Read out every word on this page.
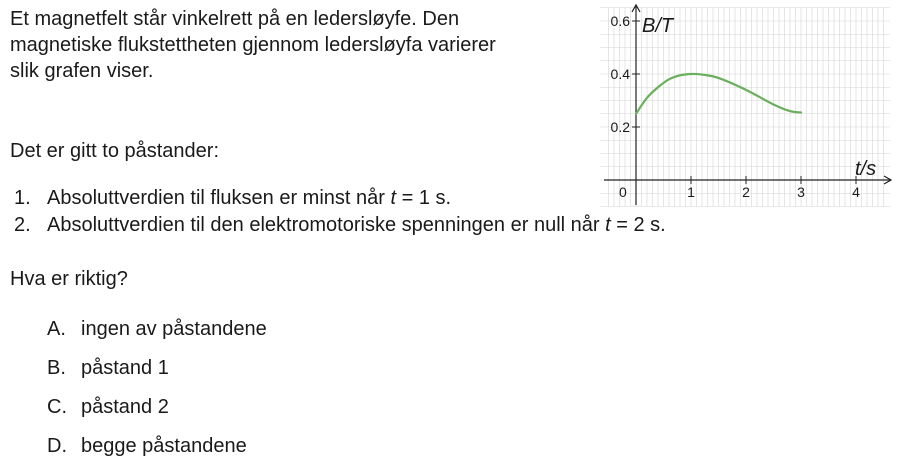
Et magnetfelt står vinkelrett på en ledersløyfe. Den
magnetiske flukstettheten gjennom ledersløyfa varierer
slik grafen viser.

Det er gitt to påstander:

1. Absoluttverdien til fluksen er minst når t = 1 s.

2. Absoluttverdien til den elektromotoriske spenningen er null når t = 2 s.

Hva er riktig?

A. ingen av påstandene
B. påstand 1
C. påstand 2
D. begge påstandene
1	2	3	4
0.2
0.4
0.6 B/T
t/s
0
